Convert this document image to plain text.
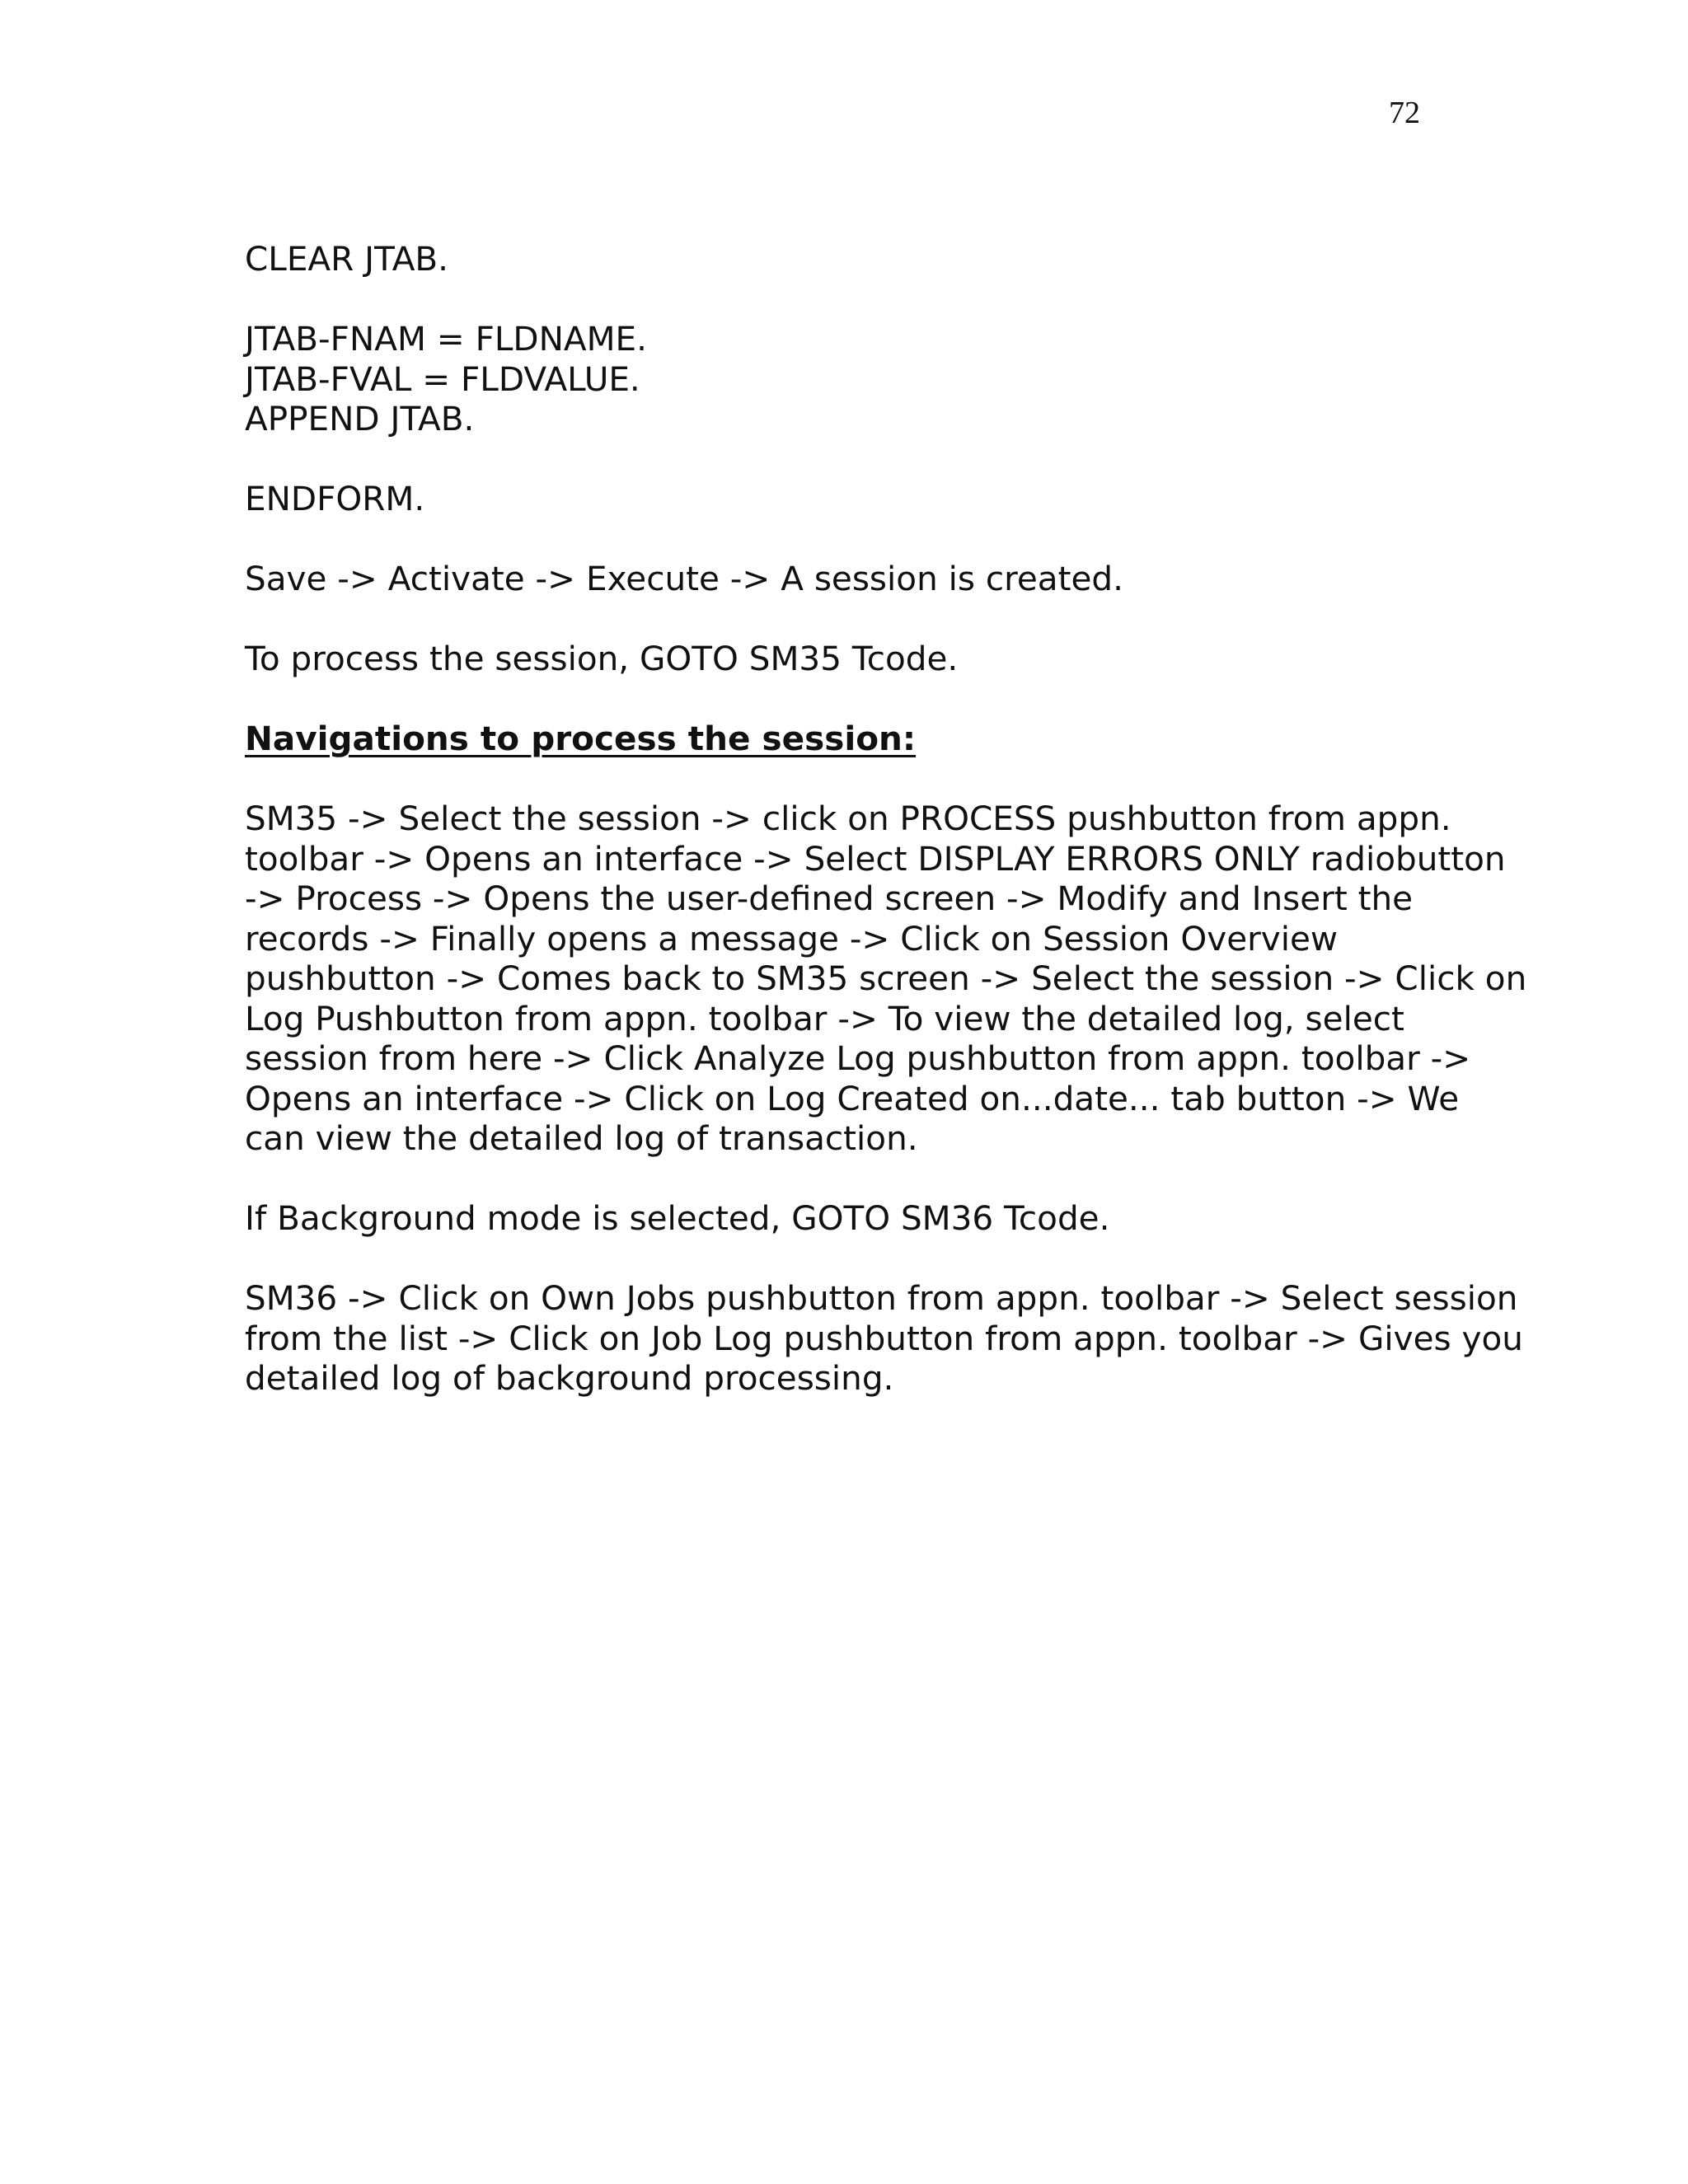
72

CLEAR JTAB.

JTAB-FNAM = FLDNAME.
JTAB-FVAL = FLDVALUE.
APPEND JTAB.

ENDFORM.

Save -> Activate -> Execute -> A session is created.

To process the session, GOTO SM35 Tcode.

Navigations to process the session:

SM35 -> Select the session -> click on PROCESS pushbutton from appn.
toolbar -> Opens an interface -> Select DISPLAY ERRORS ONLY radiobutton
-> Process -> Opens the user-defined screen -> Modify and Insert the
records -> Finally opens a message -> Click on Session Overview
pushbutton -> Comes back to SM35 screen -> Select the session -> Click on
Log Pushbutton from appn. toolbar -> To view the detailed log, select
session from here -> Click Analyze Log pushbutton from appn. toolbar ->
Opens an interface -> Click on Log Created on...date... tab button -> We
can view the detailed log of transaction.

If Background mode is selected, GOTO SM36 Tcode.

SM36 -> Click on Own Jobs pushbutton from appn. toolbar -> Select session
from the list -> Click on Job Log pushbutton from appn. toolbar -> Gives you
detailed log of background processing.
